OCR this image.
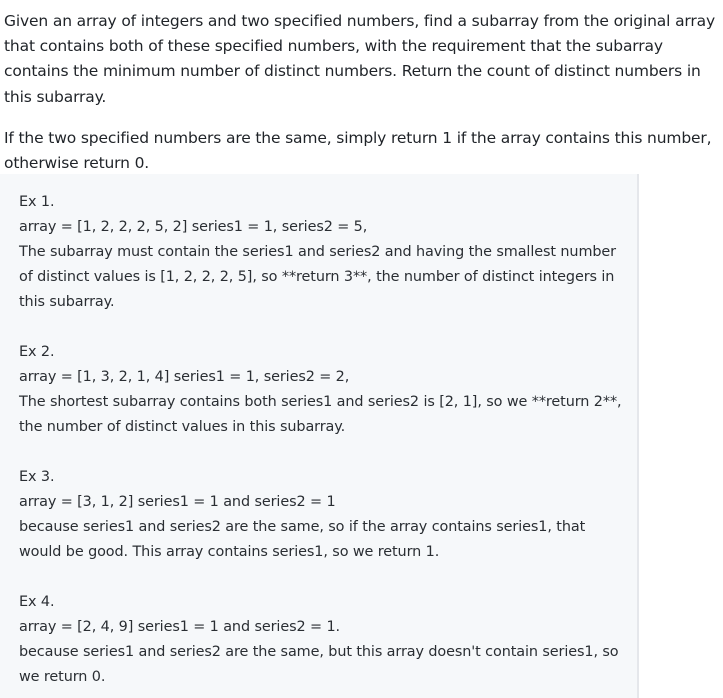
Given an array of integers and two specified numbers, find a subarray from the original array that contains both of these specified numbers, with the requirement that the subarray contains the minimum number of distinct numbers. Return the count of distinct numbers in this subarray.

If the two specified numbers are the same, simply return 1 if the array contains this number, otherwise return 0.

Ex 1.

array = [1, 2, 2, 2, 5, 2] series1 = 1, series2 = 5,

The subarray must contain the series1 and series2 and having the smallest number of distinct values is [1, 2, 2, 2, 5], so **return 3**, the number of distinct integers in this subarray.

Ex 2.

array = [1, 3, 2, 1, 4] series1 = 1, series2 = 2,

The shortest subarray contains both series1 and series2 is [2, 1], so we **return 2**, the number of distinct values in this subarray.

Ex 3.

array = [3, 1, 2] series1 = 1 and series2 = 1

because series1 and series2 are the same, so if the array contains series1, that would be good. This array contains series1, so we return 1.

Ex 4.

array = [2, 4, 9] series1 = 1 and series2 = 1.

because series1 and series2 are the same, but this array doesn't contain series1, so we return 0.
